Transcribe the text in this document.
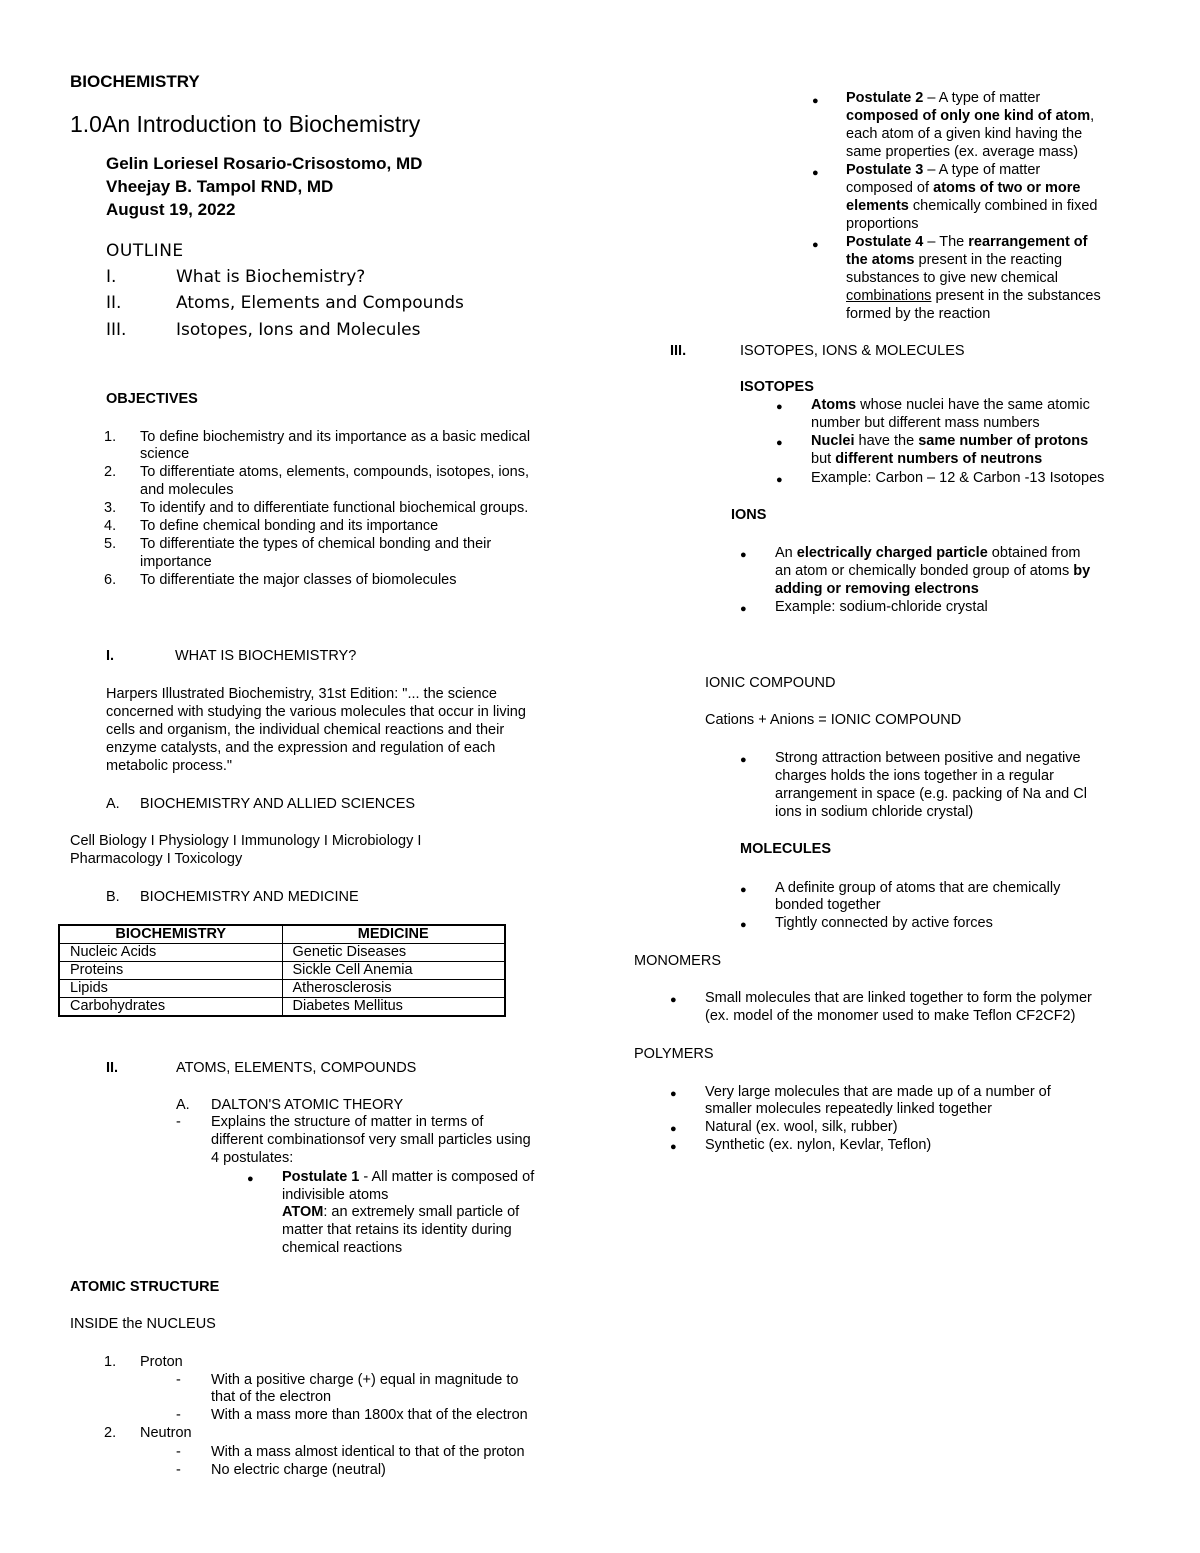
BIOCHEMISTRY
1.0An Introduction to Biochemistry
Gelin Loriesel Rosario-Crisostomo, MD
Vheejay B. Tampol RND, MD
August 19, 2022
OUTLINE
I.	What is Biochemistry?
II.	Atoms, Elements and Compounds
III.	Isotopes, Ions and Molecules
OBJECTIVES
1. To define biochemistry and its importance as a basic medical
science
2. To differentiate atoms, elements, compounds, isotopes, ions,
and molecules
3. To identify and to differentiate functional biochemical groups.
4. To define chemical bonding and its importance
5. To differentiate the types of chemical bonding and their
importance
6. To differentiate the major classes of biomolecules
I.	WHAT IS BIOCHEMISTRY?
Harpers Illustrated Biochemistry, 31st Edition: "... the science
concerned with studying the various molecules that occur in living
cells and organism, the individual chemical reactions and their
enzyme catalysts, and the expression and regulation of each
metabolic process."
A. BIOCHEMISTRY AND ALLIED SCIENCES
Cell Biology I Physiology I Immunology I Microbiology I
Pharmacology I Toxicology
B. BIOCHEMISTRY AND MEDICINE
BIOCHEMISTRY	MEDICINE
Nucleic Acids	Genetic Diseases
Proteins	Sickle Cell Anemia
Lipids	Atherosclerosis
Carbohydrates	Diabetes Mellitus
II.	ATOMS, ELEMENTS, COMPOUNDS
A. DALTON'S ATOMIC THEORY
- Explains the structure of matter in terms of
different combinationsof very small particles using
4 postulates:
● Postulate 1 - All matter is composed of
indivisible atoms
ATOM: an extremely small particle of
matter that retains its identity during
chemical reactions
ATOMIC STRUCTURE
INSIDE the NUCLEUS
1. Proton
- With a positive charge (+) equal in magnitude to
that of the electron
- With a mass more than 1800x that of the electron
2. Neutron
- With a mass almost identical to that of the proton
- No electric charge (neutral)
● Postulate 2 – A type of matter
composed of only one kind of atom,
each atom of a given kind having the
same properties (ex. average mass)
● Postulate 3 – A type of matter
composed of atoms of two or more
elements chemically combined in fixed
proportions
● Postulate 4 – The rearrangement of
the atoms present in the reacting
substances to give new chemical
combinations present in the substances
formed by the reaction
III.	ISOTOPES, IONS & MOLECULES
ISOTOPES
● Atoms whose nuclei have the same atomic
number but different mass numbers
● Nuclei have the same number of protons
but different numbers of neutrons
● Example: Carbon – 12 & Carbon -13 Isotopes
IONS
● An electrically charged particle obtained from
an atom or chemically bonded group of atoms by
adding or removing electrons
● Example: sodium-chloride crystal
IONIC COMPOUND
Cations + Anions = IONIC COMPOUND
● Strong attraction between positive and negative
charges holds the ions together in a regular
arrangement in space (e.g. packing of Na and Cl
ions in sodium chloride crystal)
MOLECULES
● A definite group of atoms that are chemically
bonded together
● Tightly connected by active forces
MONOMERS
● Small molecules that are linked together to form the polymer
(ex. model of the monomer used to make Teflon CF2CF2)
POLYMERS
● Very large molecules that are made up of a number of
smaller molecules repeatedly linked together
● Natural (ex. wool, silk, rubber)
● Synthetic (ex. nylon, Kevlar, Teflon)
